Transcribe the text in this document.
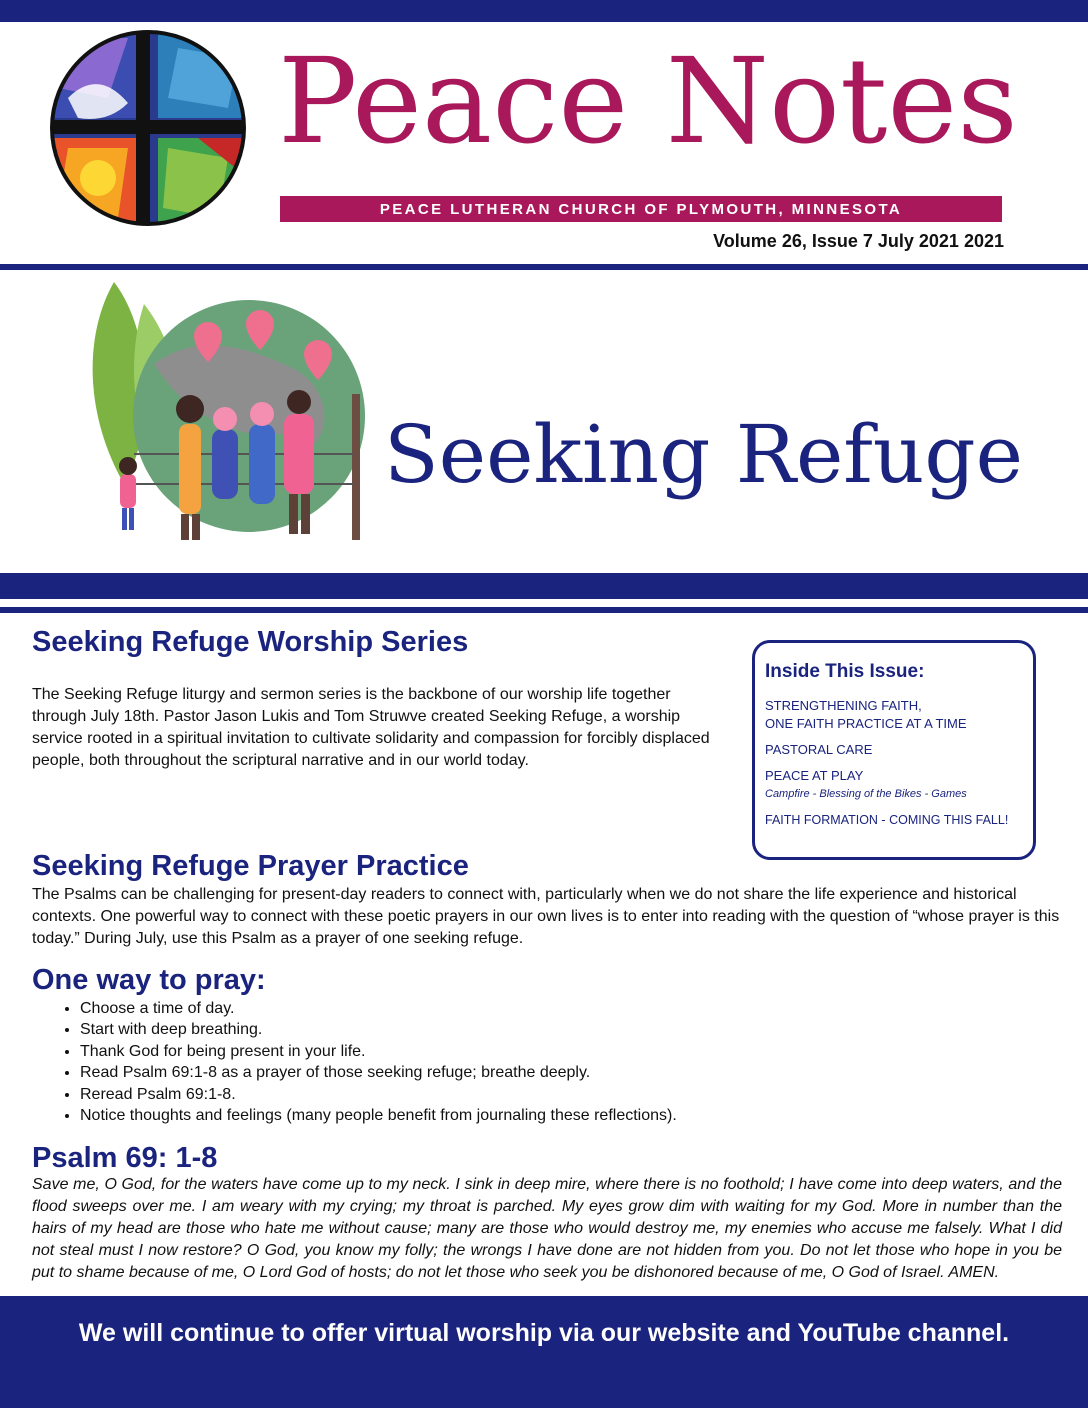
Peace Notes
PEACE LUTHERAN CHURCH OF PLYMOUTH, MINNESOTA
Volume 26, Issue 7 July 2021 2021
Seeking Refuge
Seeking Refuge Worship Series
The Seeking Refuge liturgy and sermon series is the backbone of our worship life together through July 18th. Pastor Jason Lukis and Tom Struwve created Seeking Refuge, a worship service rooted in a spiritual invitation to cultivate solidarity and compassion for forcibly displaced people, both throughout the scriptural narrative and in our world today.
Inside This Issue:
STRENGTHENING FAITH,
ONE FAITH PRACTICE AT A TIME
PASTORAL CARE
PEACE AT PLAY
Campfire - Blessing of the Bikes - Games
FAITH FORMATION - COMING THIS FALL!
Seeking Refuge Prayer Practice
The Psalms can be challenging for present-day readers to connect with, particularly when we do not share the life experience and historical contexts. One powerful way to connect with these poetic prayers in our own lives is to enter into reading with the question of “whose prayer is this today.” During July, use this Psalm as a prayer of one seeking refuge.
One way to pray:
• Choose a time of day.
• Start with deep breathing.
• Thank God for being present in your life.
• Read Psalm 69:1-8 as a prayer of those seeking refuge; breathe deeply.
• Reread Psalm 69:1-8.
• Notice thoughts and feelings (many people benefit from journaling these reflections).
Psalm 69: 1-8
Save me, O God, for the waters have come up to my neck. I sink in deep mire, where there is no foothold; I have come into deep waters, and the flood sweeps over me. I am weary with my crying; my throat is parched. My eyes grow dim with waiting for my God. More in number than the hairs of my head are those who hate me without cause; many are those who would destroy me, my enemies who accuse me falsely. What I did not steal must I now restore? O God, you know my folly; the wrongs I have done are not hidden from you. Do not let those who hope in you be put to shame because of me, O Lord God of hosts; do not let those who seek you be dishonored because of me, O God of Israel. AMEN.
We will continue to offer virtual worship via our website and YouTube channel.
